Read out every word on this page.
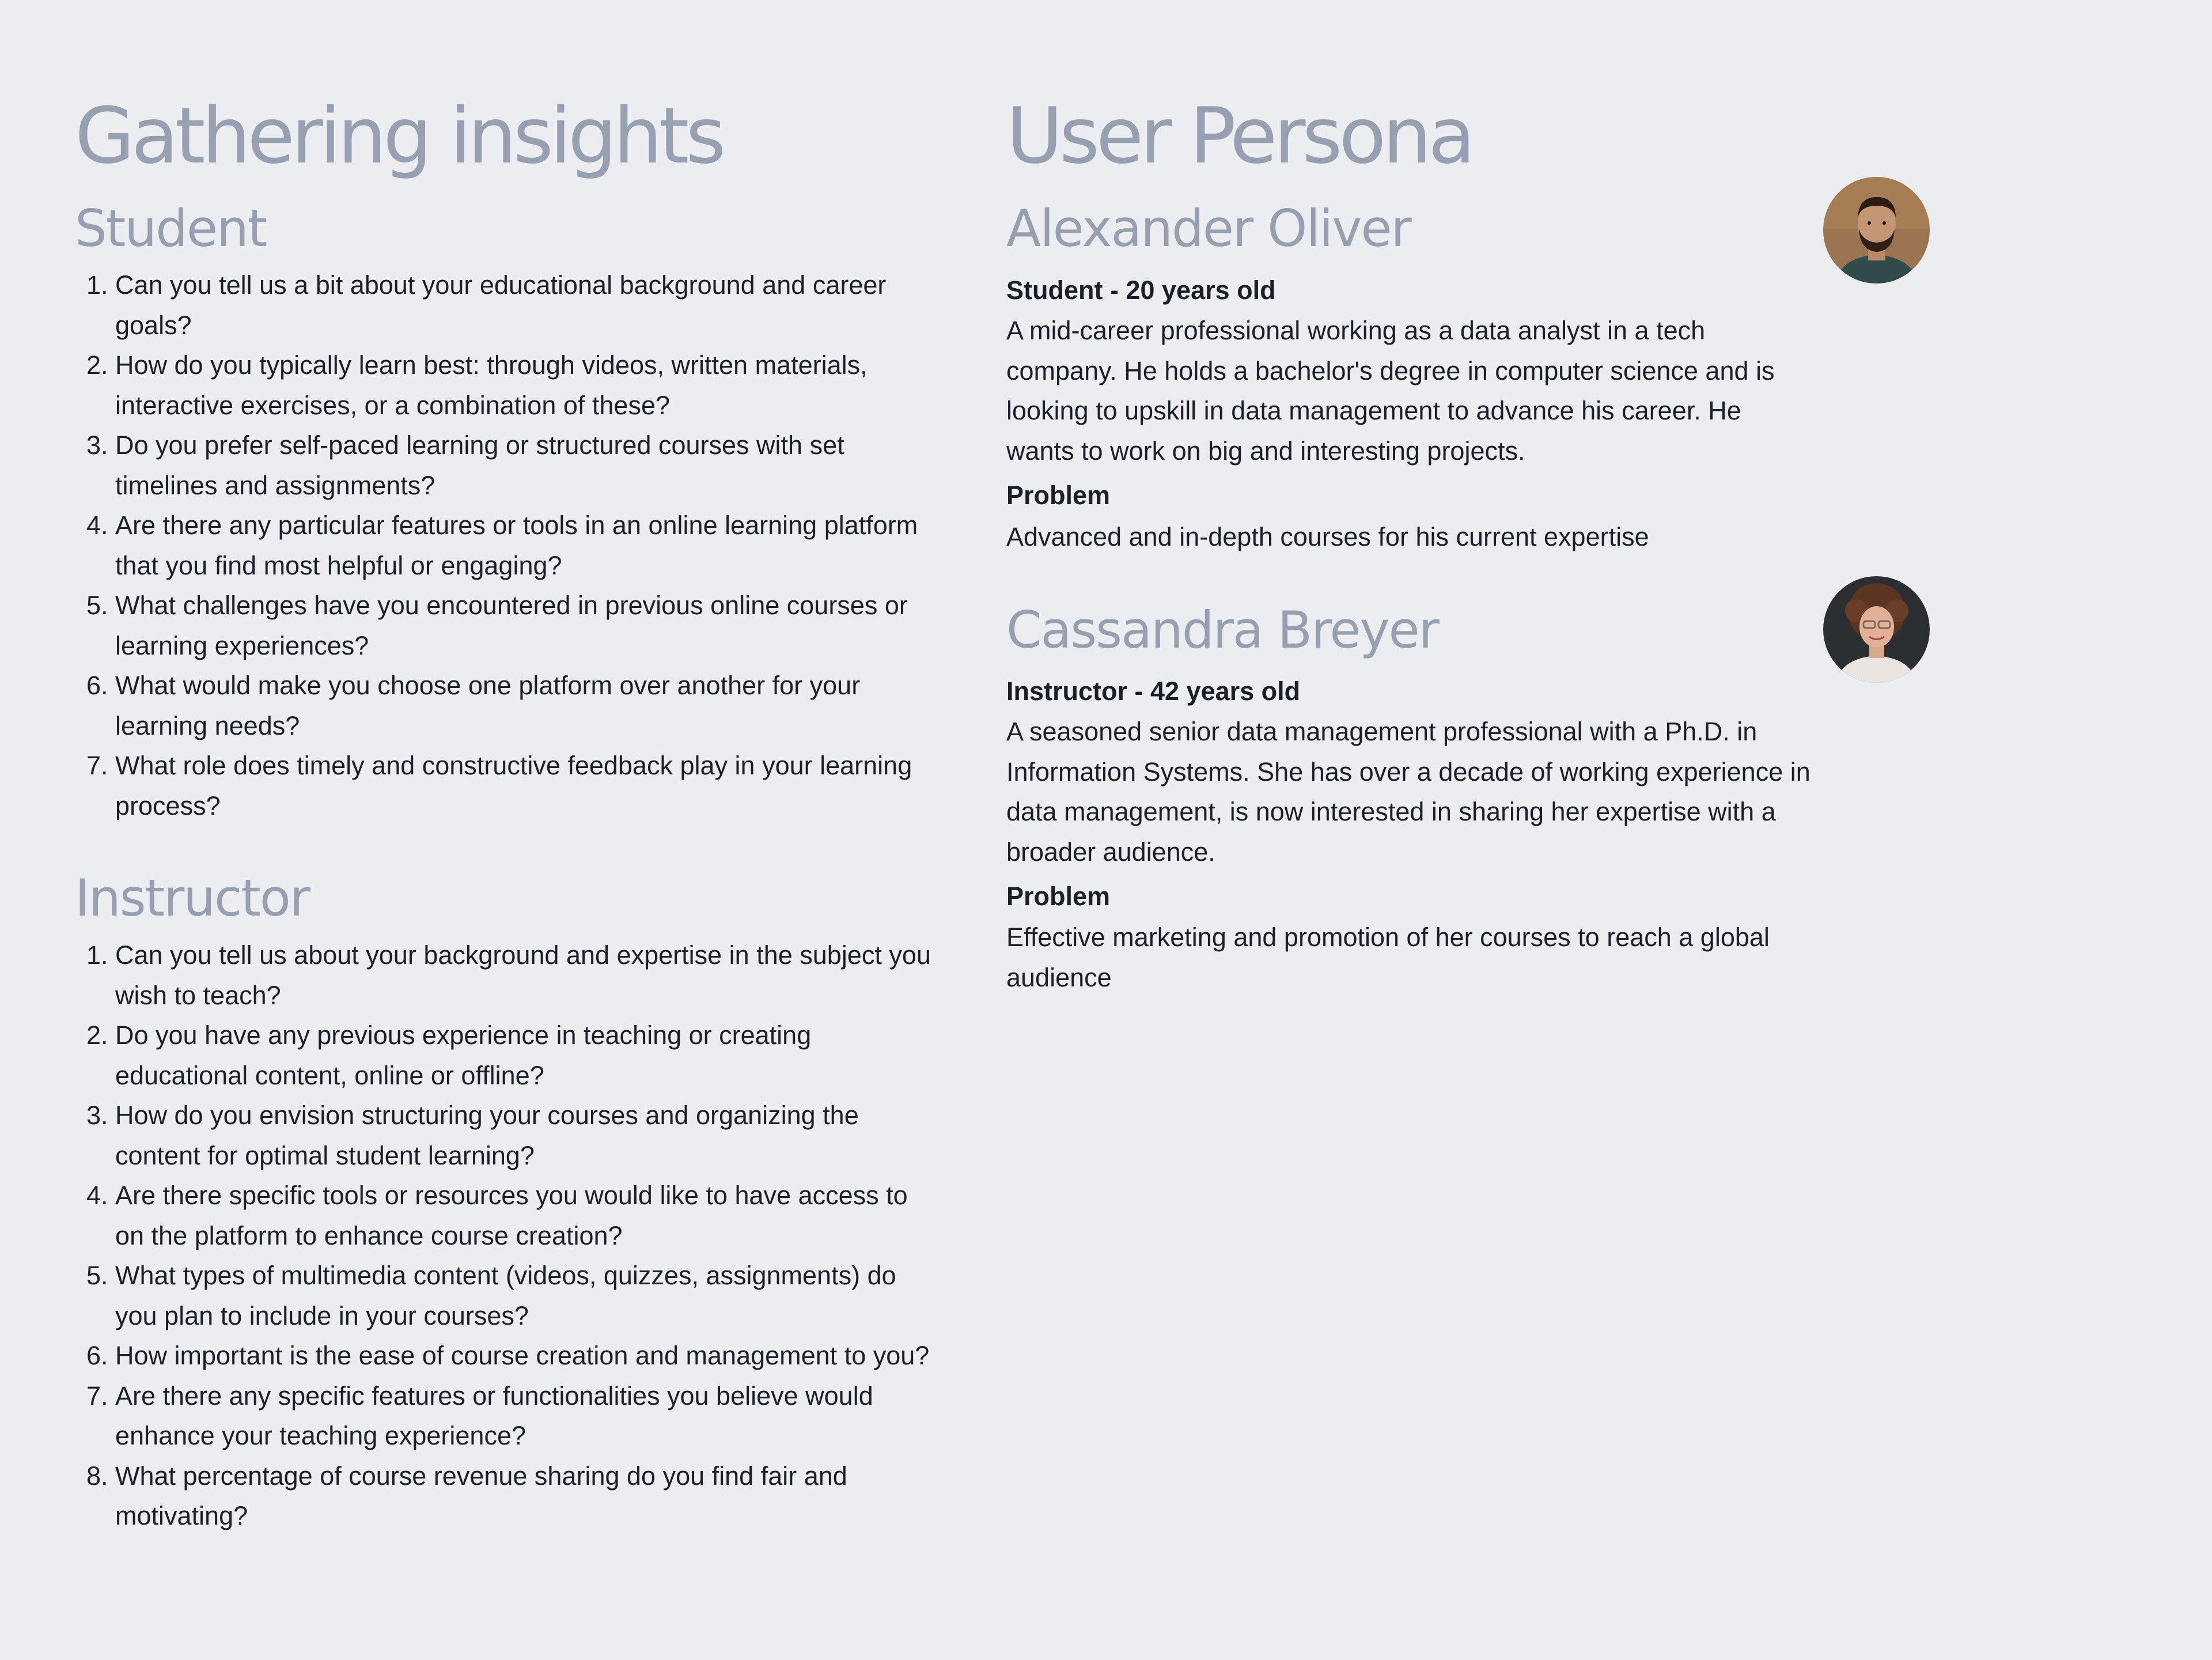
Gathering insights
Student
1. Can you tell us a bit about your educational background and career goals?
2. How do you typically learn best: through videos, written materials, interactive exercises, or a combination of these?
3. Do you prefer self-paced learning or structured courses with set timelines and assignments?
4. Are there any particular features or tools in an online learning platform that you find most helpful or engaging?
5. What challenges have you encountered in previous online courses or learning experiences?
6. What would make you choose one platform over another for your learning needs?
7. What role does timely and constructive feedback play in your learning process?
Instructor
1. Can you tell us about your background and expertise in the subject you wish to teach?
2. Do you have any previous experience in teaching or creating educational content, online or offline?
3. How do you envision structuring your courses and organizing the content for optimal student learning?
4. Are there specific tools or resources you would like to have access to on the platform to enhance course creation?
5. What types of multimedia content (videos, quizzes, assignments) do you plan to include in your courses?
6. How important is the ease of course creation and management to you?
7. Are there any specific features or functionalities you believe would enhance your teaching experience?
8. What percentage of course revenue sharing do you find fair and motivating?
User Persona
Alexander Oliver
Student - 20 years old
A mid-career professional working as a data analyst in a tech company. He holds a bachelor's degree in computer science and is looking to upskill in data management to advance his career. He wants to work on big and interesting projects.
Problem
Advanced and in-depth courses for his current expertise
Cassandra Breyer
Instructor - 42 years old
A seasoned senior data management professional with a Ph.D. in Information Systems. She has over a decade of working experience in data management, is now interested in sharing her expertise with a broader audience.
Problem
Effective marketing and promotion of her courses to reach a global audience
